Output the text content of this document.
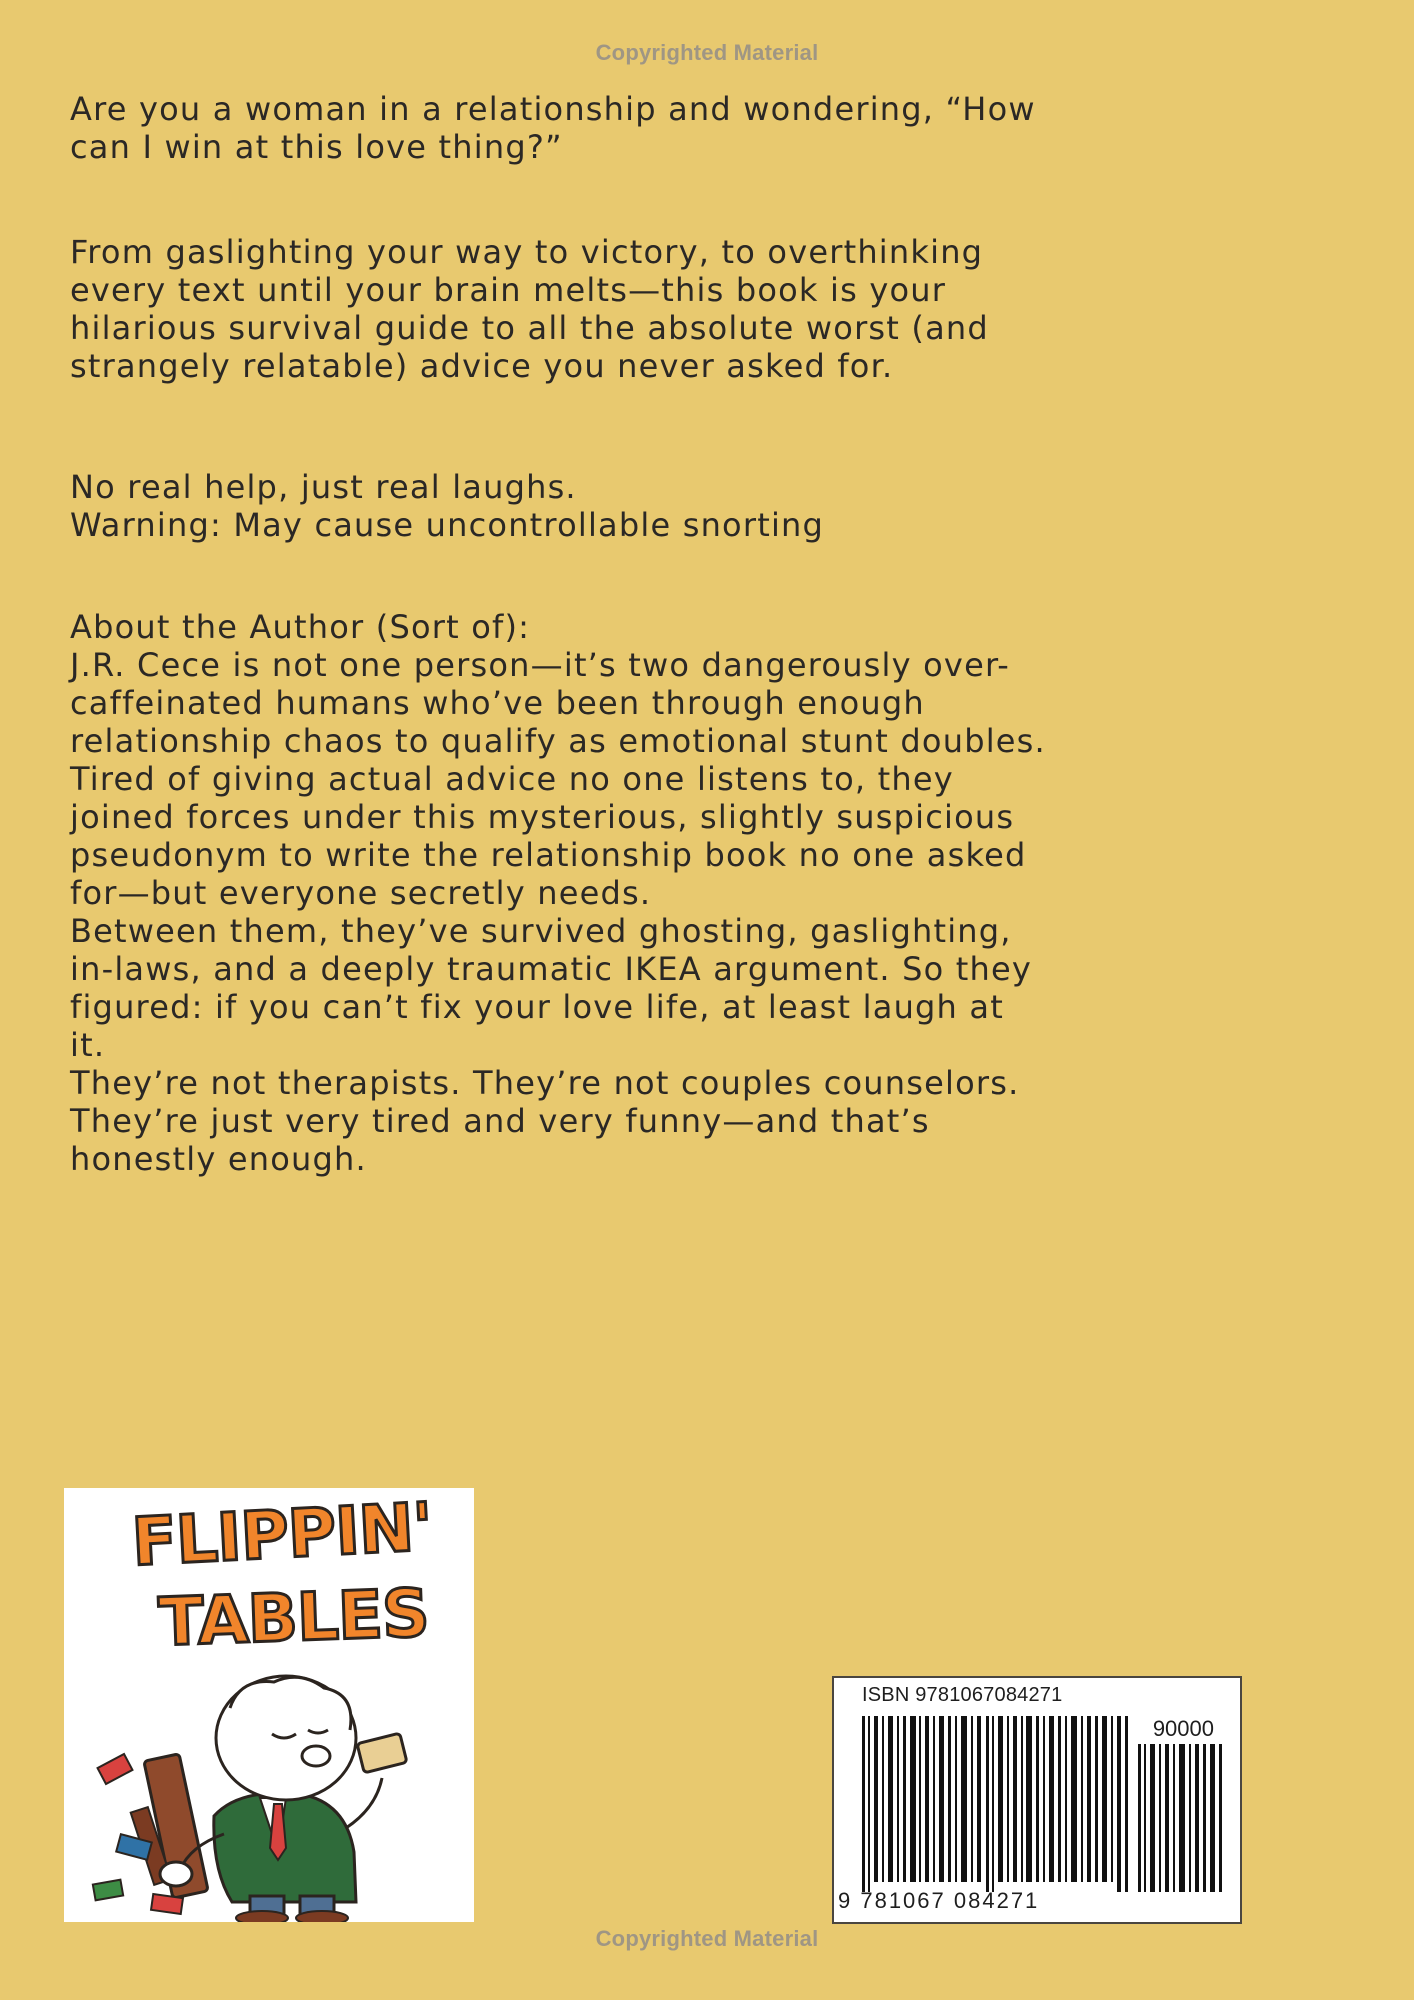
Copyrighted Material
Are you a woman in a relationship and wondering, “How
can I win at this love thing?”
From gaslighting your way to victory, to overthinking
every text until your brain melts—this book is your
hilarious survival guide to all the absolute worst (and
strangely relatable) advice you never asked for.
No real help, just real laughs.
Warning: May cause uncontrollable snorting
About the Author (Sort of):
J.R. Cece is not one person—it’s two dangerously over-
caffeinated humans who’ve been through enough
relationship chaos to qualify as emotional stunt doubles.
Tired of giving actual advice no one listens to, they
joined forces under this mysterious, slightly suspicious
pseudonym to write the relationship book no one asked
for—but everyone secretly needs.
Between them, they’ve survived ghosting, gaslighting,
in-laws, and a deeply traumatic IKEA argument. So they
figured: if you can’t fix your love life, at least laugh at
it.
They’re not therapists. They’re not couples counselors.
They’re just very tired and very funny—and that’s
honestly enough.
FLIPPIN'
TABLES
ISBN 9781067084271
90000
9 781067 084271
Copyrighted Material
